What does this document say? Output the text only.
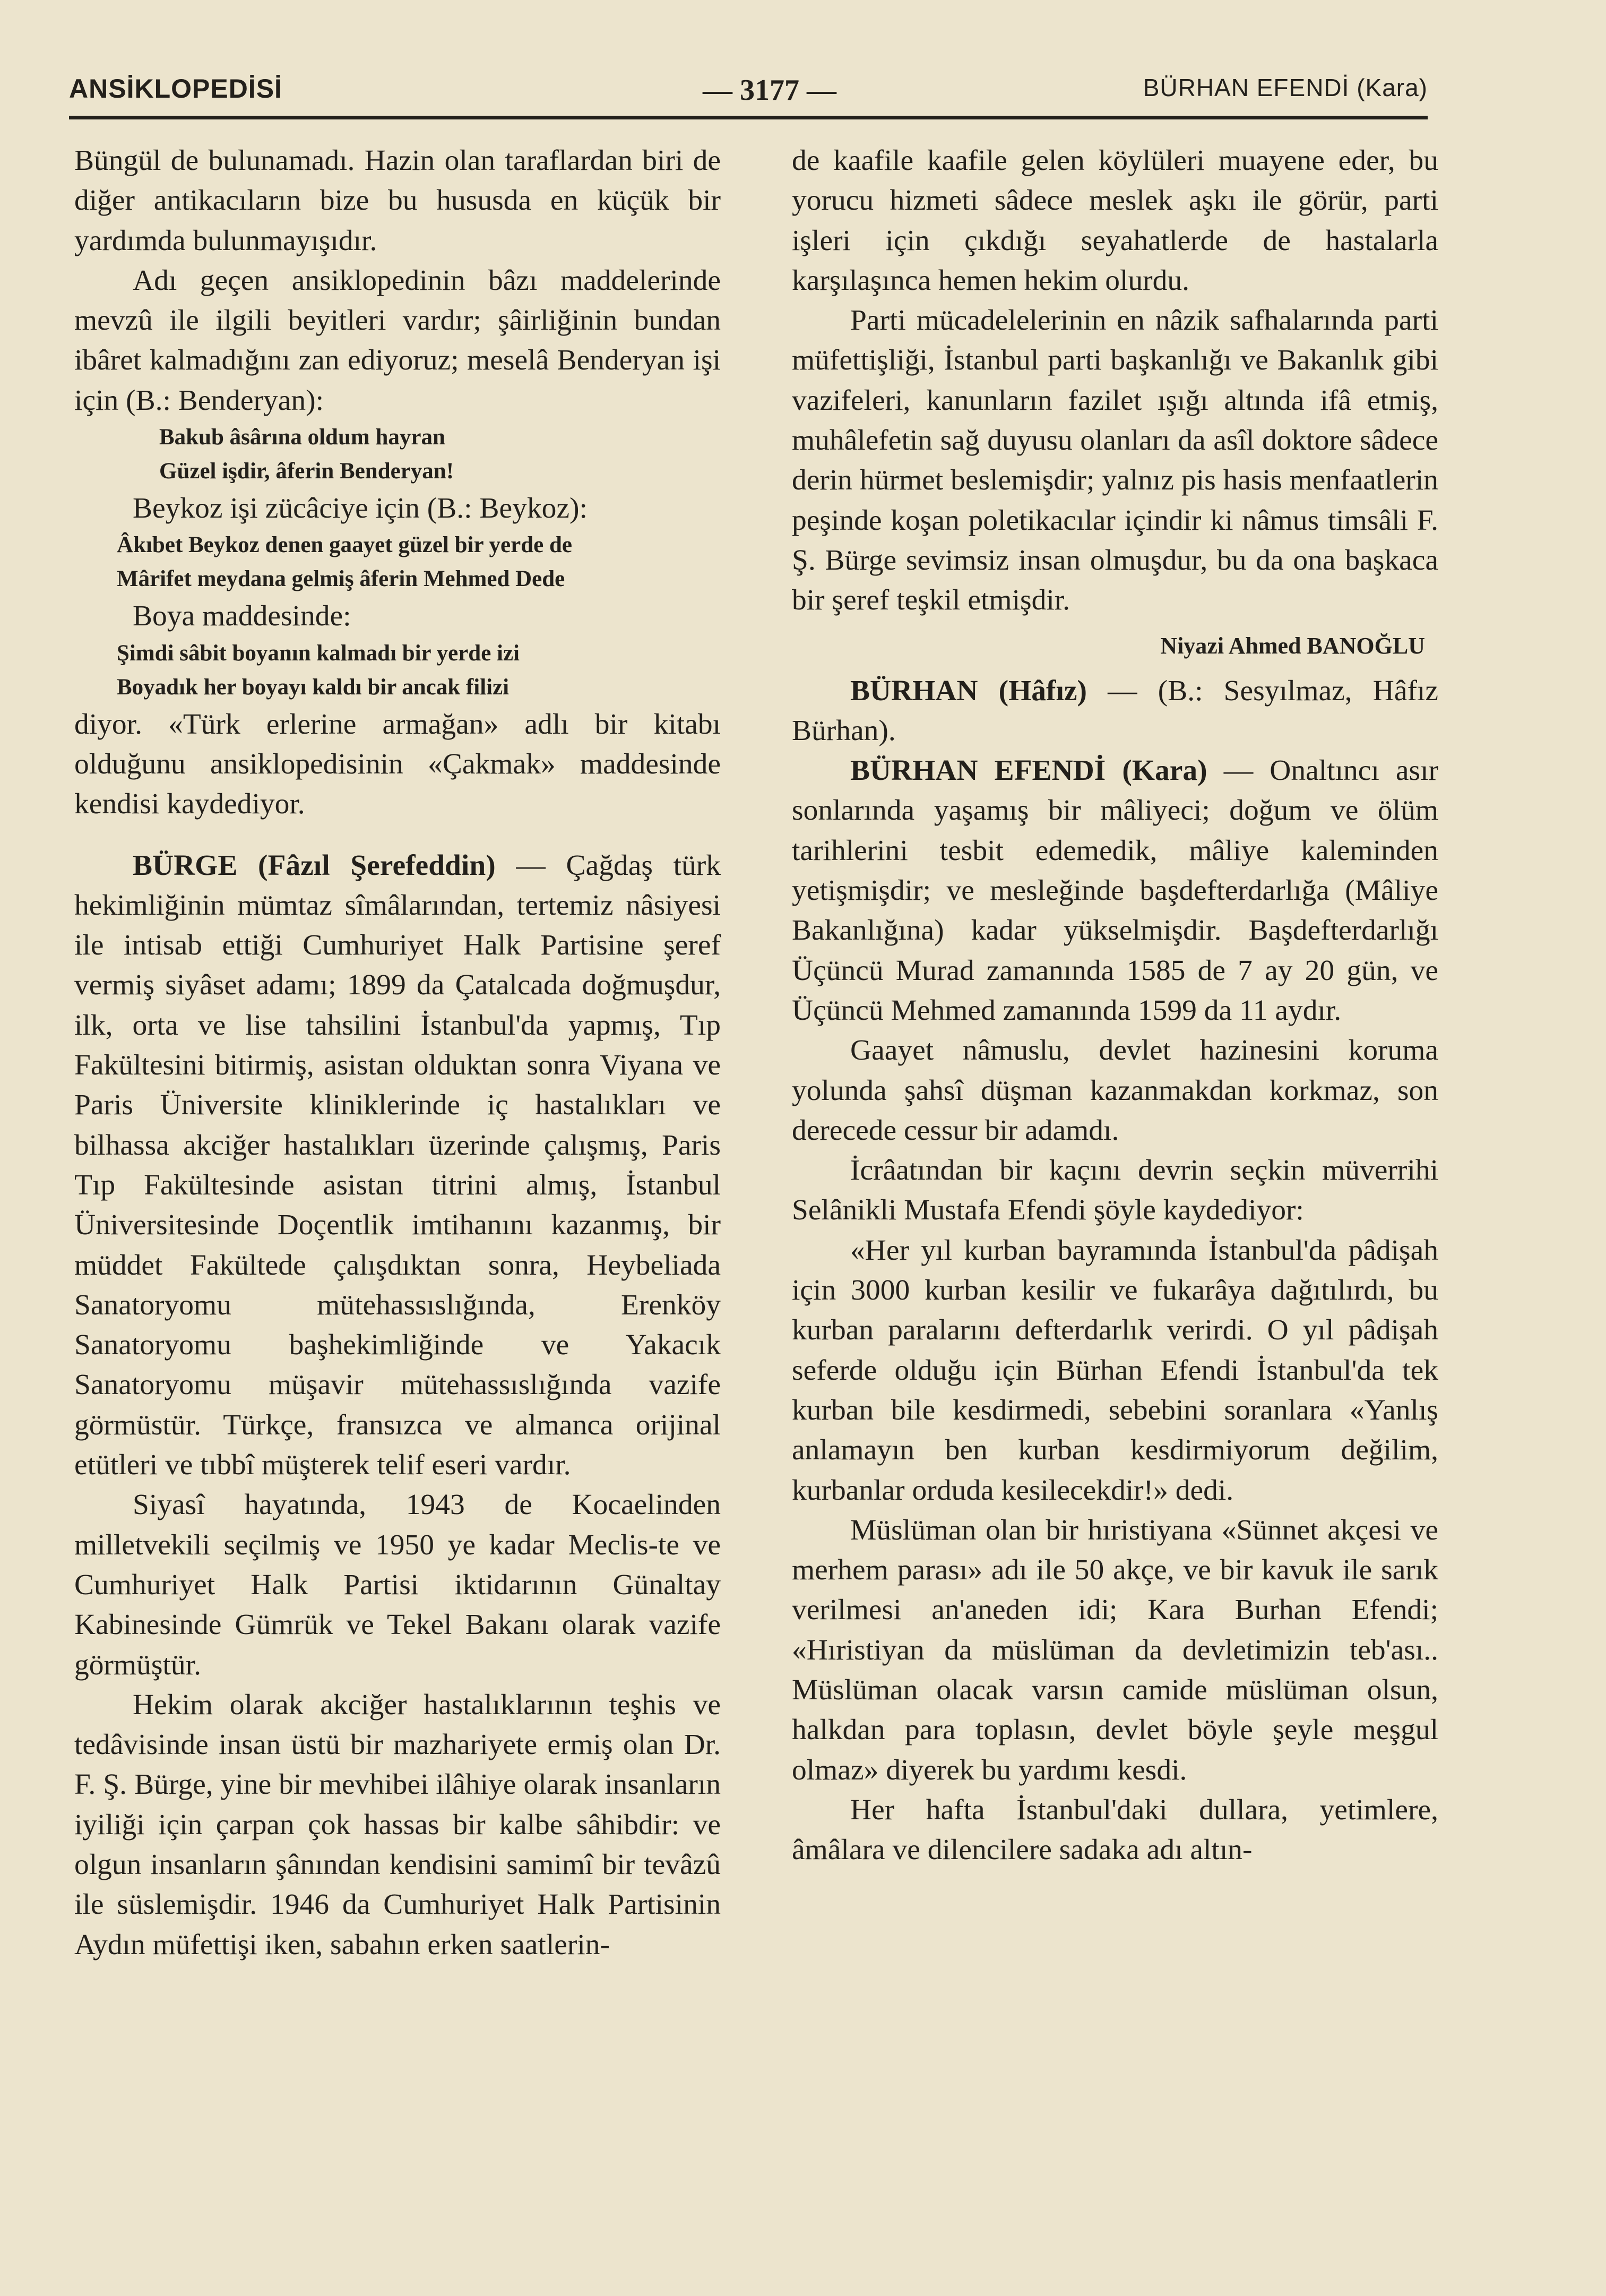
ANSİKLOPEDİSİ	— 3177 —	BÜRHAN EFENDİ (Kara)

Büngül de bulunamadı. Hazin olan taraflardan biri de diğer antikacıların bize bu hususda en küçük bir yardımda bulunmayışıdır.

Adı geçen ansiklopedinin bâzı maddelerinde mevzû ile ilgili beyitleri vardır; şâirliğinin bundan ibâret kalmadığını zan ediyoruz; meselâ Benderyan işi için (B.: Benderyan):

Bakub âsârına oldum hayran
Güzel işdir, âferin Benderyan!

Beykoz işi zücâciye için (B.: Beykoz):

Âkıbet Beykoz denen gaayet güzel bir yerde de
Mârifet meydana gelmiş âferin Mehmed Dede

Boya maddesinde:

Şimdi sâbit boyanın kalmadı bir yerde izi
Boyadık her boyayı kaldı bir ancak filizi

diyor. «Türk erlerine armağan» adlı bir kitabı olduğunu ansiklopedisinin «Çakmak» maddesinde kendisi kaydediyor.

BÜRGE (Fâzıl Şerefeddin) — Çağdaş türk hekimliğinin mümtaz sîmâlarından, tertemiz nâsiyesi ile intisab ettiği Cumhuriyet Halk Partisine şeref vermiş siyâset adamı; 1899 da Çatalcada doğmuşdur, ilk, orta ve lise tahsilini İstanbul'da yapmış, Tıp Fakültesini bitirmiş, asistan olduktan sonra Viyana ve Paris Üniversite kliniklerinde iç hastalıkları ve bilhassa akciğer hastalıkları üzerinde çalışmış, Paris Tıp Fakültesinde asistan titrini almış, İstanbul Üniversitesinde Doçentlik imtihanını kazanmış, bir müddet Fakültede çalışdıktan sonra, Heybeliada Sanatoryomu mütehassıslığında, Erenköy Sanatoryomu başhekimliğinde ve Yakacık Sanatoryomu müşavir mütehassıslığında vazife görmüstür. Türkçe, fransızca ve almanca orijinal etütleri ve tıbbî müşterek telif eseri vardır.

Siyasî hayatında, 1943 de Kocaelinden milletvekili seçilmiş ve 1950 ye kadar Meclis-te ve Cumhuriyet Halk Partisi iktidarının Günaltay Kabinesinde Gümrük ve Tekel Bakanı olarak vazife görmüştür.

Hekim olarak akciğer hastalıklarının teşhis ve tedâvisinde insan üstü bir mazhariyete ermiş olan Dr. F. Ş. Bürge, yine bir mevhibei ilâhiye olarak insanların iyiliği için çarpan çok hassas bir kalbe sâhibdir: ve olgun insanların şânından kendisini samimî bir tevâzû ile süslemişdir. 1946 da Cumhuriyet Halk Partisinin Aydın müfettişi iken, sabahın erken saatlerin-

de kaafile kaafile gelen köylüleri muayene eder, bu yorucu hizmeti sâdece meslek aşkı ile görür, parti işleri için çıkdığı seyahatlerde de hastalarla karşılaşınca hemen hekim olurdu.

Parti mücadelelerinin en nâzik safhalarında parti müfettişliği, İstanbul parti başkanlığı ve Bakanlık gibi vazifeleri, kanunların fazilet ışığı altında ifâ etmiş, muhâlefetin sağ duyusu olanları da asîl doktore sâdece derin hürmet beslemişdir; yalnız pis hasis menfaatlerin peşinde koşan poletikacılar içindir ki nâmus timsâli F. Ş. Bürge sevimsiz insan olmuşdur, bu da ona başkaca bir şeref teşkil etmişdir.

Niyazi Ahmed BANOĞLU

BÜRHAN (Hâfız) — (B.: Sesyılmaz, Hâfız Bürhan).

BÜRHAN EFENDİ (Kara) — Onaltıncı asır sonlarında yaşamış bir mâliyeci; doğum ve ölüm tarihlerini tesbit edemedik, mâliye kaleminden yetişmişdir; ve mesleğinde başdefterdarlığa (Mâliye Bakanlığına) kadar yükselmişdir. Başdefterdarlığı Üçüncü Murad zamanında 1585 de 7 ay 20 gün, ve Üçüncü Mehmed zamanında 1599 da 11 aydır.

Gaayet nâmuslu, devlet hazinesini koruma yolunda şahsî düşman kazanmakdan korkmaz, son derecede cessur bir adamdı.

İcrâatından bir kaçını devrin seçkin müverrihi Selânikli Mustafa Efendi şöyle kaydediyor:

«Her yıl kurban bayramında İstanbul'da pâdişah için 3000 kurban kesilir ve fukarâya dağıtılırdı, bu kurban paralarını defterdarlık verirdi. O yıl pâdişah seferde olduğu için Bürhan Efendi İstanbul'da tek kurban bile kesdirmedi, sebebini soranlara «Yanlış anlamayın ben kurban kesdirmiyorum değilim, kurbanlar orduda kesilecekdir!» dedi.

Müslüman olan bir hıristiyana «Sünnet akçesi ve merhem parası» adı ile 50 akçe, ve bir kavuk ile sarık verilmesi an'aneden idi; Kara Burhan Efendi; «Hıristiyan da müslüman da devletimizin teb'ası.. Müslüman olacak varsın camide müslüman olsun, halkdan para toplasın, devlet böyle şeyle meşgul olmaz» diyerek bu yardımı kesdi.

Her hafta İstanbul'daki dullara, yetimlere, âmâlara ve dilencilere sadaka adı altın-
